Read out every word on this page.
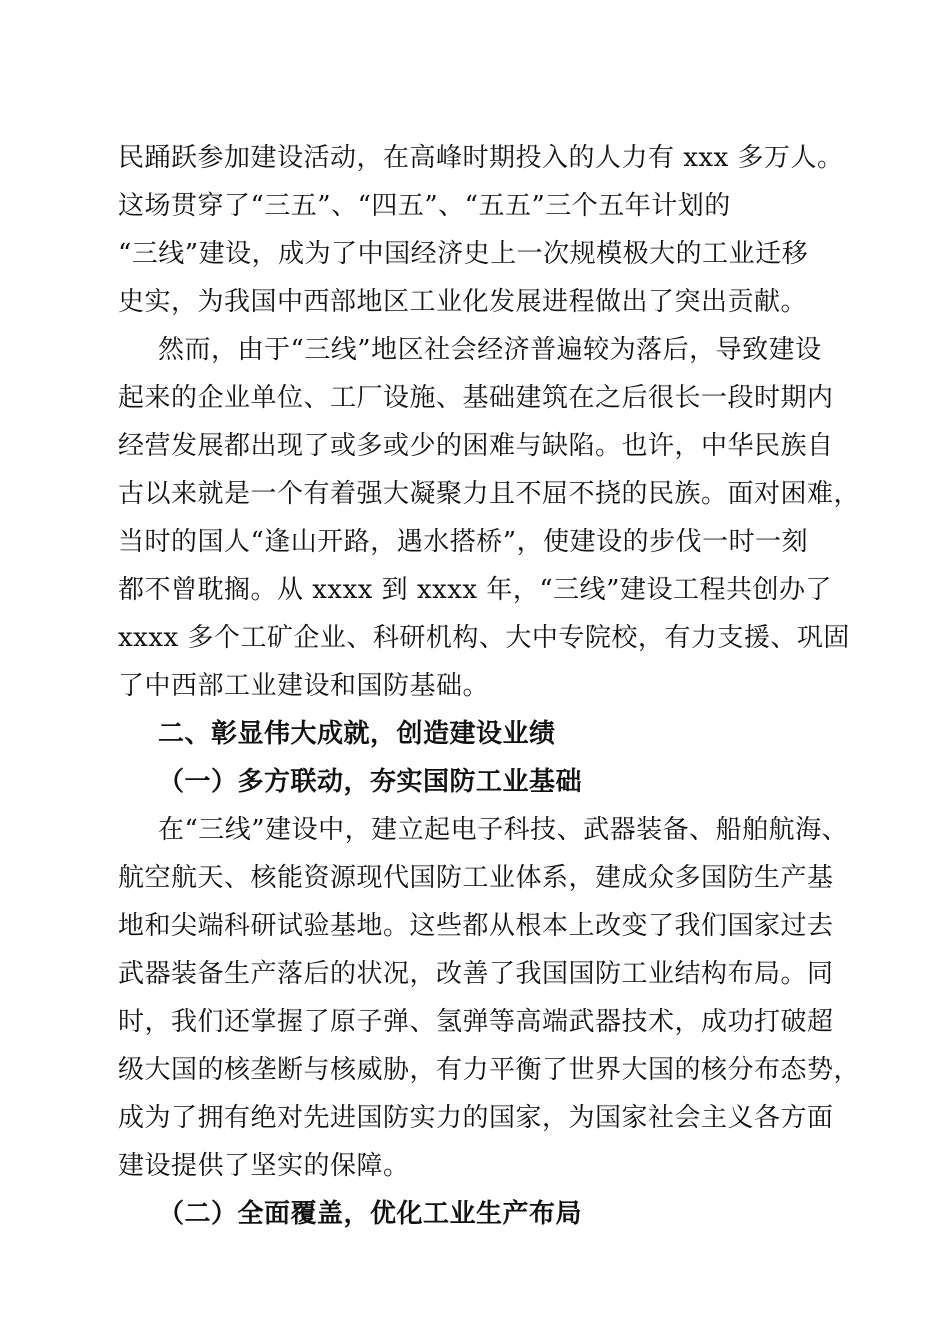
民踊跃参加建设活动，在高峰时期投入的人力有 xxx 多万人。
这场贯穿了“三五”、“四五”、“五五”三个五年计划的
“三线”建设，成为了中国经济史上一次规模极大的工业迁移
史实，为我国中西部地区工业化发展进程做出了突出贡献。
然而，由于“三线”地区社会经济普遍较为落后，导致建设
起来的企业单位、工厂设施、基础建筑在之后很长一段时期内
经营发展都出现了或多或少的困难与缺陷。也许，中华民族自
古以来就是一个有着强大凝聚力且不屈不挠的民族。面对困难，
当时的国人“逢山开路，遇水搭桥”，使建设的步伐一时一刻
都不曾耽搁。从 xxxx 到 xxxx 年，“三线”建设工程共创办了
xxxx 多个工矿企业、科研机构、大中专院校，有力支援、巩固
了中西部工业建设和国防基础。
二、彰显伟大成就，创造建设业绩
（一）多方联动，夯实国防工业基础
在“三线”建设中，建立起电子科技、武器装备、船舶航海、
航空航天、核能资源现代国防工业体系，建成众多国防生产基
地和尖端科研试验基地。这些都从根本上改变了我们国家过去
武器装备生产落后的状况，改善了我国国防工业结构布局。同
时，我们还掌握了原子弹、氢弹等高端武器技术，成功打破超
级大国的核垄断与核威胁，有力平衡了世界大国的核分布态势，
成为了拥有绝对先进国防实力的国家，为国家社会主义各方面
建设提供了坚实的保障。
（二）全面覆盖，优化工业生产布局
